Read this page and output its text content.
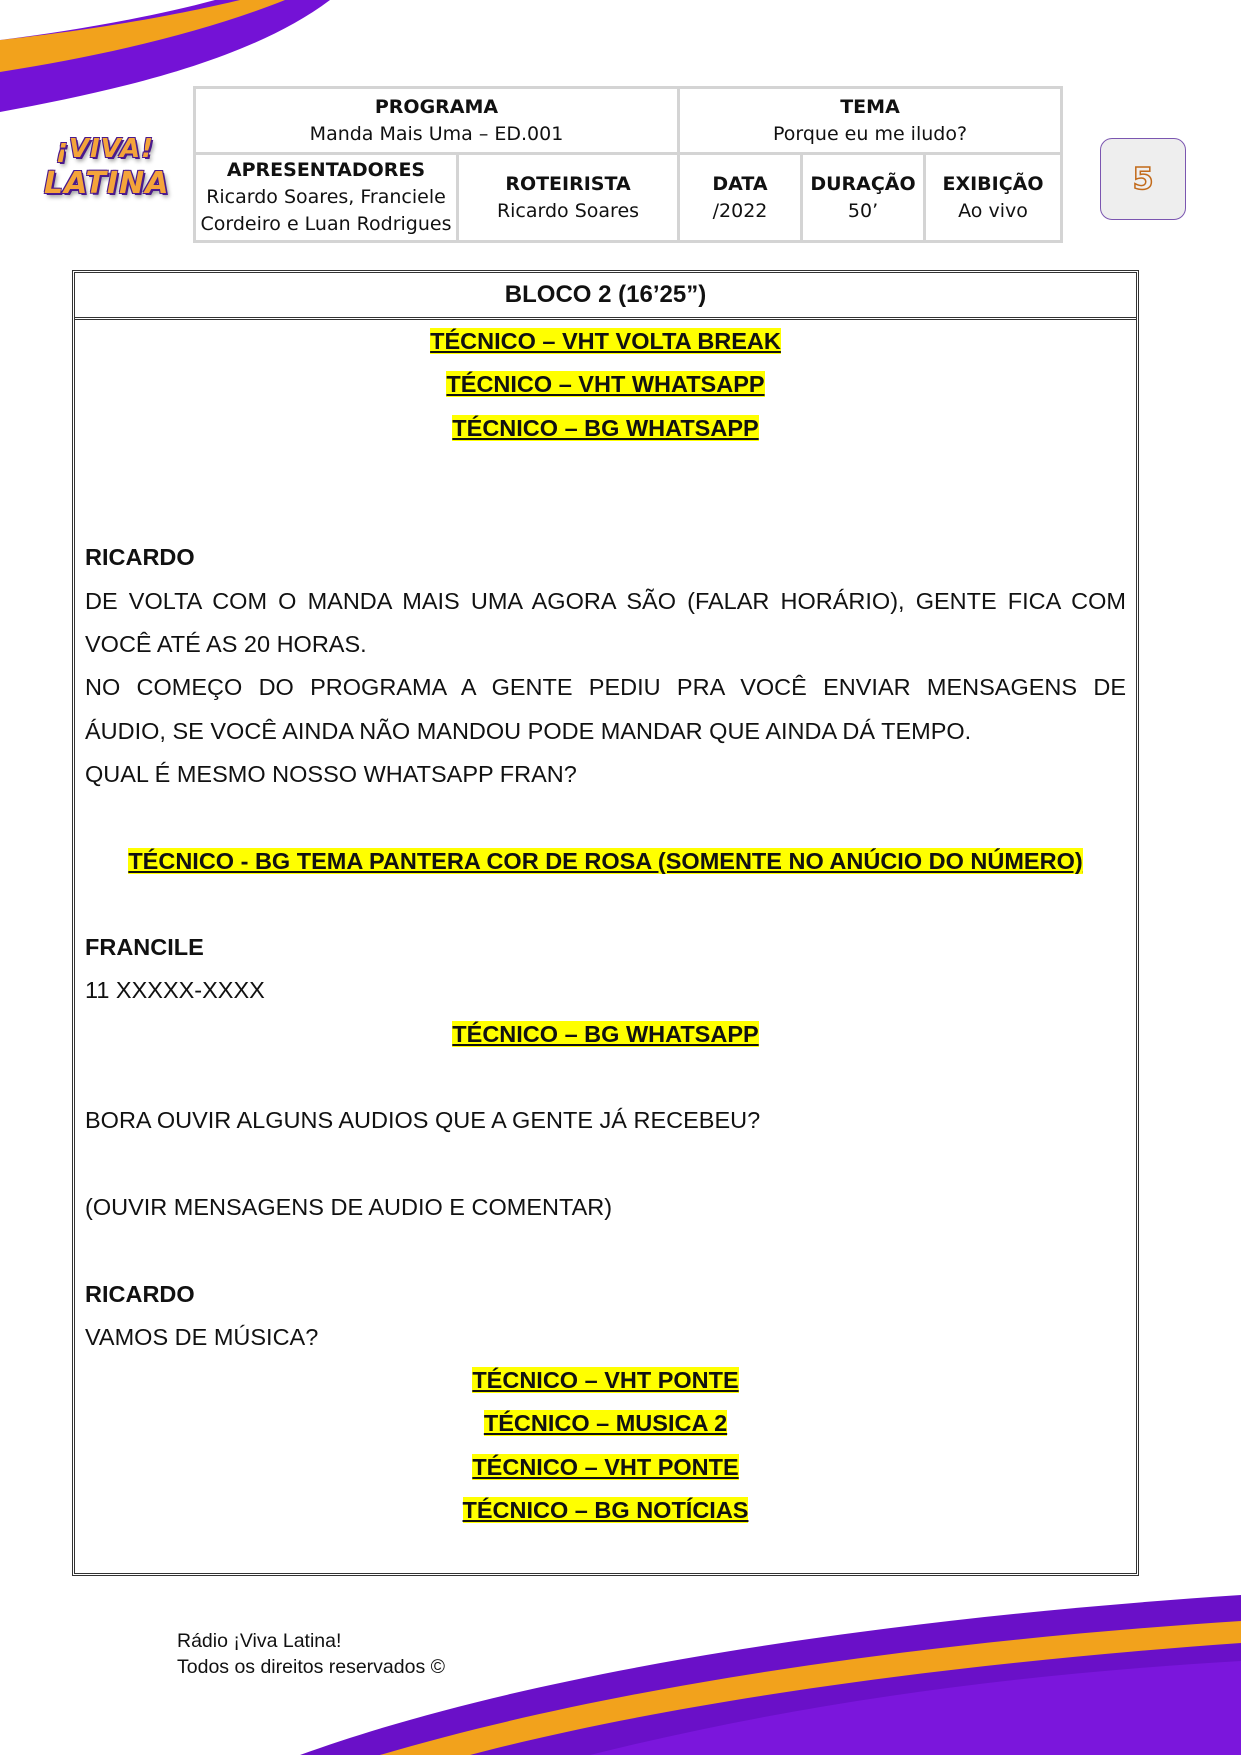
¡VIVA!
LATINA
PROGRAMA
Manda Mais Uma – ED.001		TEMA
Porque eu me iludo?		

APRESENTADORES
Ricardo Soares, Franciele
Cordeiro e Luan Rodrigues	ROTEIRISTA
Ricardo Soares	DATA
/2022	DURAÇÃO
50’	EXIBIÇÃO
Ao vivo
5
BLOCO 2 (16’25”)
TÉCNICO – VHT VOLTA BREAK
TÉCNICO – VHT WHATSAPP
TÉCNICO – BG WHATSAPP
RICARDO
DE VOLTA COM O MANDA MAIS UMA AGORA SÃO (FALAR HORÁRIO), GENTE FICA COM
VOCÊ ATÉ AS 20 HORAS.
NO COMEÇO DO PROGRAMA A GENTE PEDIU PRA VOCÊ ENVIAR MENSAGENS DE
ÁUDIO, SE VOCÊ AINDA NÃO MANDOU PODE MANDAR QUE AINDA DÁ TEMPO.
QUAL É MESMO NOSSO WHATSAPP FRAN?
TÉCNICO - BG TEMA PANTERA COR DE ROSA (SOMENTE NO ANÚCIO DO NÚMERO)
FRANCILE
11 XXXXX-XXXX
TÉCNICO – BG WHATSAPP
BORA OUVIR ALGUNS AUDIOS QUE A GENTE JÁ RECEBEU?
(OUVIR MENSAGENS DE AUDIO E COMENTAR)
RICARDO
VAMOS DE MÚSICA?
TÉCNICO – VHT PONTE
TÉCNICO – MUSICA 2
TÉCNICO – VHT PONTE
TÉCNICO – BG NOTÍCIAS
Rádio ¡Viva Latina!
Todos os direitos reservados ©
